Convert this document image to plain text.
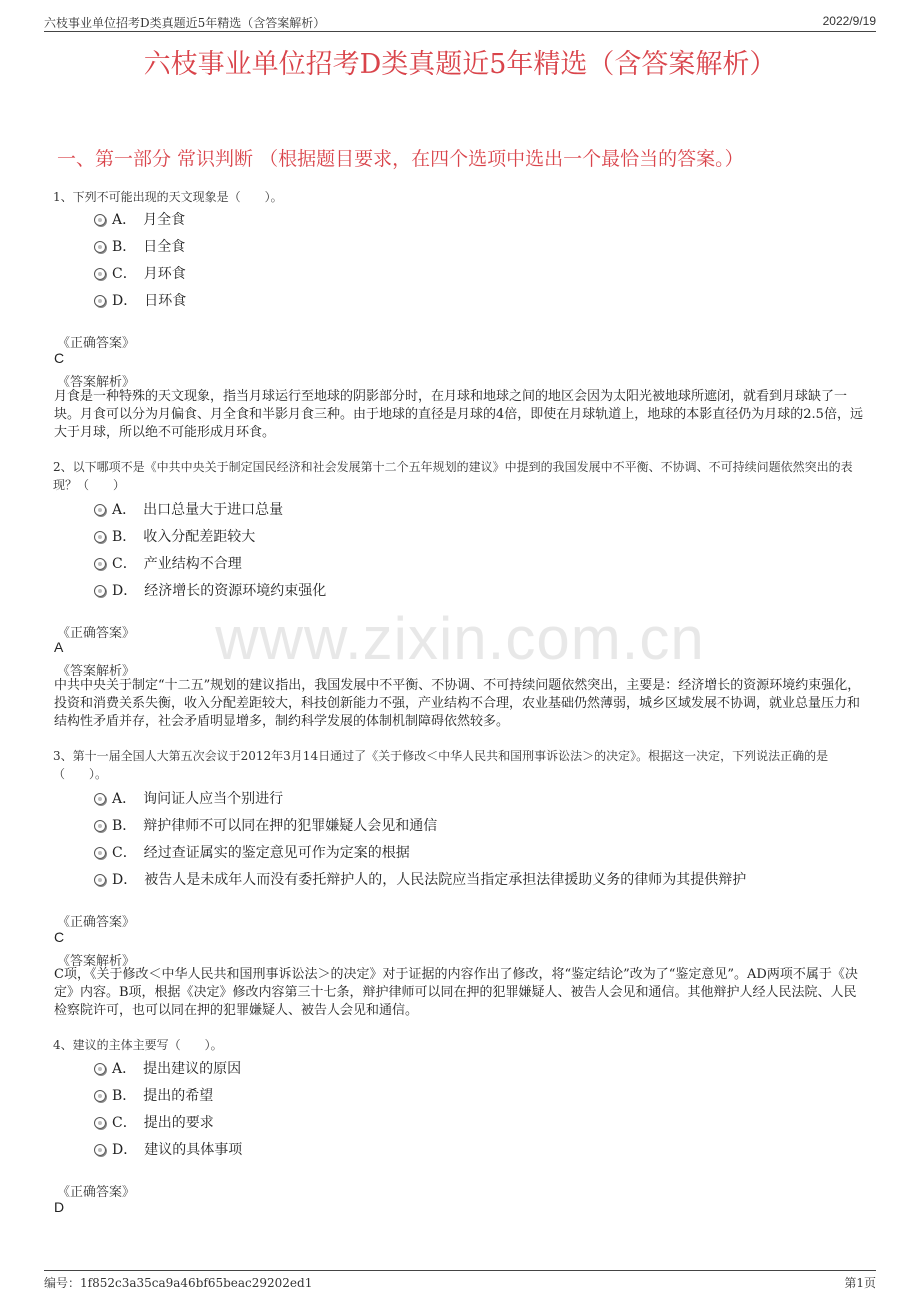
六枝事业单位招考D类真题近5年精选（含答案解析）	2022/9/19
六枝事业单位招考D类真题近5年精选（含答案解析）
一、第一部分 常识判断 （根据题目要求，在四个选项中选出一个最恰当的答案。）
www.zixin.com.cn
1、下列不可能出现的天文现象是（　　）。
A．　月全食
B．　日全食
C．　月环食
D．　日环食
《正确答案》
C
《答案解析》
月食是一种特殊的天文现象，指当月球运行至地球的阴影部分时，在月球和地球之间的地区会因为太阳光被地球所遮闭，就看到月球缺了一块。月食可以分为月偏食、月全食和半影月食三种。由于地球的直径是月球的4倍，即使在月球轨道上，地球的本影直径仍为月球的2.5倍，远大于月球，所以绝不可能形成月环食。
2、以下哪项不是《中共中央关于制定国民经济和社会发展第十二个五年规划的建议》中提到的我国发展中不平衡、不协调、不可持续问题依然突出的表现？（　　）
A．　出口总量大于进口总量
B．　收入分配差距较大
C．　产业结构不合理
D．　经济增长的资源环境约束强化
《正确答案》
A
《答案解析》
中共中央关于制定“十二五”规划的建议指出，我国发展中不平衡、不协调、不可持续问题依然突出，主要是：经济增长的资源环境约束强化，投资和消费关系失衡，收入分配差距较大，科技创新能力不强，产业结构不合理，农业基础仍然薄弱，城乡区域发展不协调，就业总量压力和结构性矛盾并存，社会矛盾明显增多，制约科学发展的体制机制障碍依然较多。
3、第十一届全国人大第五次会议于2012年3月14日通过了《关于修改＜中华人民共和国刑事诉讼法＞的决定》。根据这一决定，下列说法正确的是（　　）。
A．　询问证人应当个别进行
B．　辩护律师不可以同在押的犯罪嫌疑人会见和通信
C．　经过查证属实的鉴定意见可作为定案的根据
D．　被告人是未成年人而没有委托辩护人的，人民法院应当指定承担法律援助义务的律师为其提供辩护
《正确答案》
C
《答案解析》
C项，《关于修改＜中华人民共和国刑事诉讼法＞的决定》对于证据的内容作出了修改，将“鉴定结论”改为了“鉴定意见”。AD两项不属于《决定》内容。B项，根据《决定》修改内容第三十七条，辩护律师可以同在押的犯罪嫌疑人、被告人会见和通信。其他辩护人经人民法院、人民检察院许可，也可以同在押的犯罪嫌疑人、被告人会见和通信。
4、建议的主体主要写（　　）。
A．　提出建议的原因
B．　提出的希望
C．　提出的要求
D．　建议的具体事项
《正确答案》
D
编号：1f852c3a35ca9a46bf65beac29202ed1	第1页
